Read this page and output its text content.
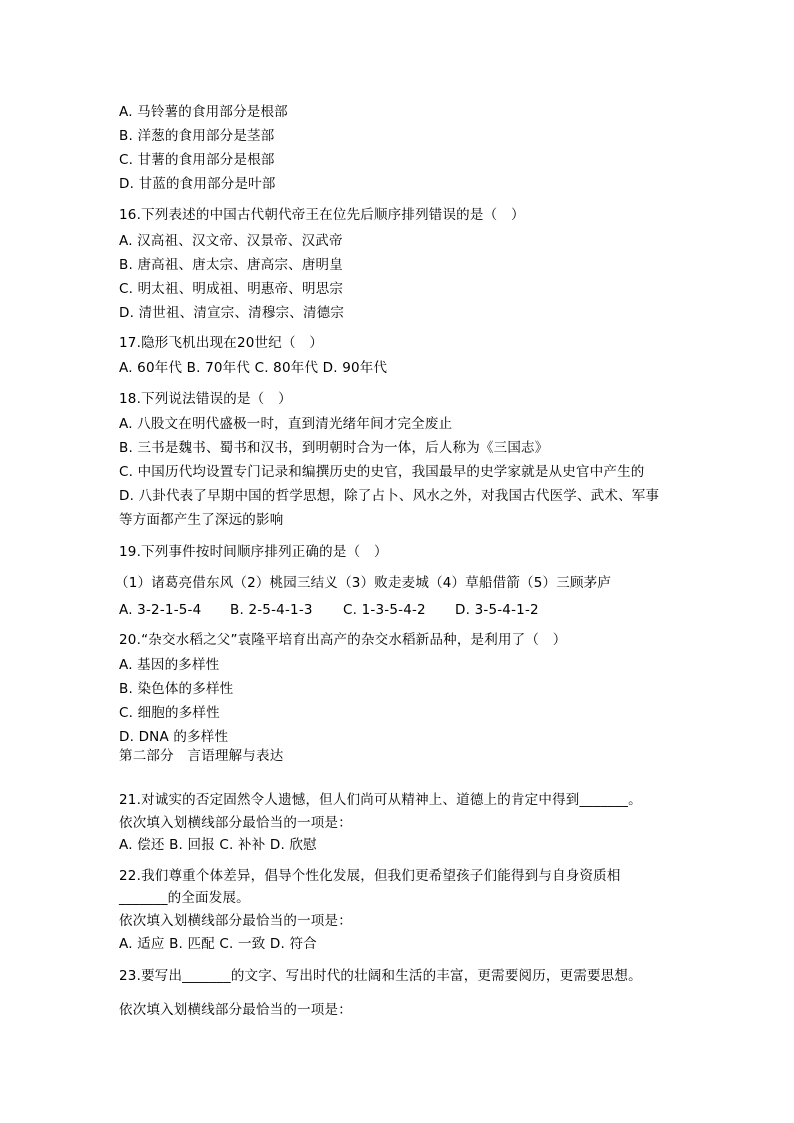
A. 马铃薯的食用部分是根部
B. 洋葱的食用部分是茎部
C. 甘薯的食用部分是根部
D. 甘蓝的食用部分是叶部
16.下列表述的中国古代朝代帝王在位先后顺序排列错误的是（　）
A. 汉高祖、汉文帝、汉景帝、汉武帝
B. 唐高祖、唐太宗、唐高宗、唐明皇
C. 明太祖、明成祖、明惠帝、明思宗
D. 清世祖、清宣宗、清穆宗、清德宗
17.隐形飞机出现在20世纪（　）
A. 60年代 B. 70年代 C. 80年代 D. 90年代
18.下列说法错误的是（　）
A. 八股文在明代盛极一时，直到清光绪年间才完全废止
B. 三书是魏书、蜀书和汉书，到明朝时合为一体，后人称为《三国志》
C. 中国历代均设置专门记录和编撰历史的史官，我国最早的史学家就是从史官中产生的
D. 八卦代表了早期中国的哲学思想，除了占卜、风水之外，对我国古代医学、武术、军事
等方面都产生了深远的影响
19.下列事件按时间顺序排列正确的是（　）
（1）诸葛亮借东风（2）桃园三结义（3）败走麦城（4）草船借箭（5）三顾茅庐
A. 3-2-1-5-4 B. 2-5-4-1-3 C. 1-3-5-4-2 D. 3-5-4-1-2
20.“杂交水稻之父”袁隆平培育出高产的杂交水稻新品种，是利用了（　）
A. 基因的多样性
B. 染色体的多样性
C. 细胞的多样性
D. DNA 的多样性
第二部分　言语理解与表达
21.对诚实的否定固然令人遗憾，但人们尚可从精神上、道德上的肯定中得到_______。
依次填入划横线部分最恰当的一项是：
A. 偿还 B. 回报 C. 补补 D. 欣慰
22.我们尊重个体差异，倡导个性化发展，但我们更希望孩子们能得到与自身资质相
_______的全面发展。
依次填入划横线部分最恰当的一项是：
A. 适应 B. 匹配 C. 一致 D. 符合
23.要写出_______的文字、写出时代的壮阔和生活的丰富，更需要阅历，更需要思想。
依次填入划横线部分最恰当的一项是：
